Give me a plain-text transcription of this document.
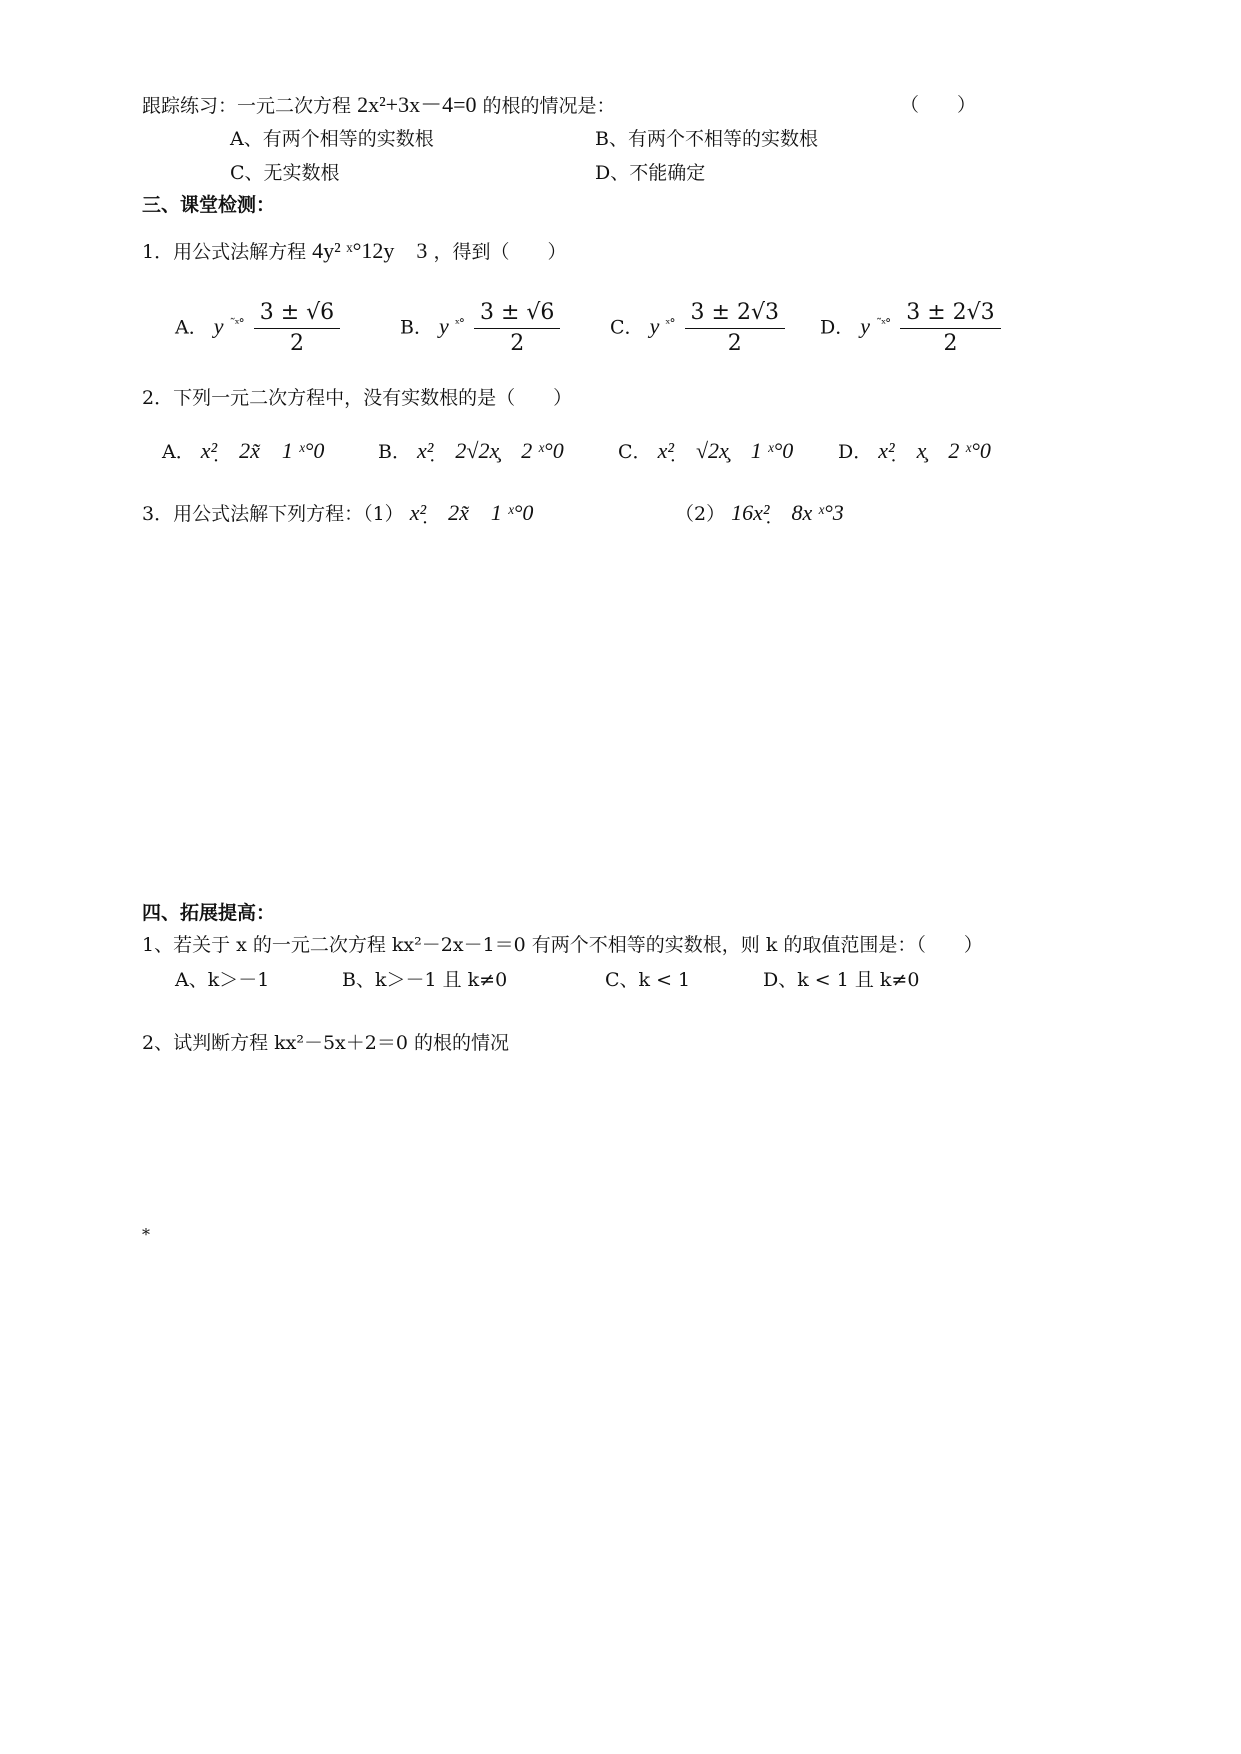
跟踪练习：一元二次方程 2x²+3x－4=0 的根的情况是：	（　　）
A、有两个相等的实数根	B、有两个不相等的实数根
C、无实数根	D、不能确定
三、课堂检测：
1．用公式法解方程 4y² ˣ°12y　3 ，得到（　　）
A． y $^{˜ˣ^\circ} \frac{3 \pm √6}{2}$	B． y $^{ˣ^\circ} \frac{3 \pm √6}{2}$	C． y $^{ˣ^\circ} \frac{3 \pm 2√3}{2}$ D． y $^{˜ˣ^\circ} \frac{3 \pm 2√3}{2}$
2．下列一元二次方程中，没有实数根的是（　　）
A． x²̣　2x̃　1 ˣ°0	B． x²̣　2√2x̧　2 ˣ°0	C． x²̣　√2x̧　1 ˣ°0 D． x²̣　x̧　2 ˣ°0
3．用公式法解下列方程：（1） x²̣　2x̃　1 ˣ°0	（2） 16x²̣　8x ˣ°3
四、拓展提高：
1、若关于 x 的一元二次方程 kx²－2x－1＝0 有两个不相等的实数根，则 k 的取值范围是：（　　）
A、k＞－1	B、k＞－1 且 k≠0	C、k < 1	D、k < 1 且 k≠0
2、试判断方程 kx²－5x＋2＝0 的根的情况
*
